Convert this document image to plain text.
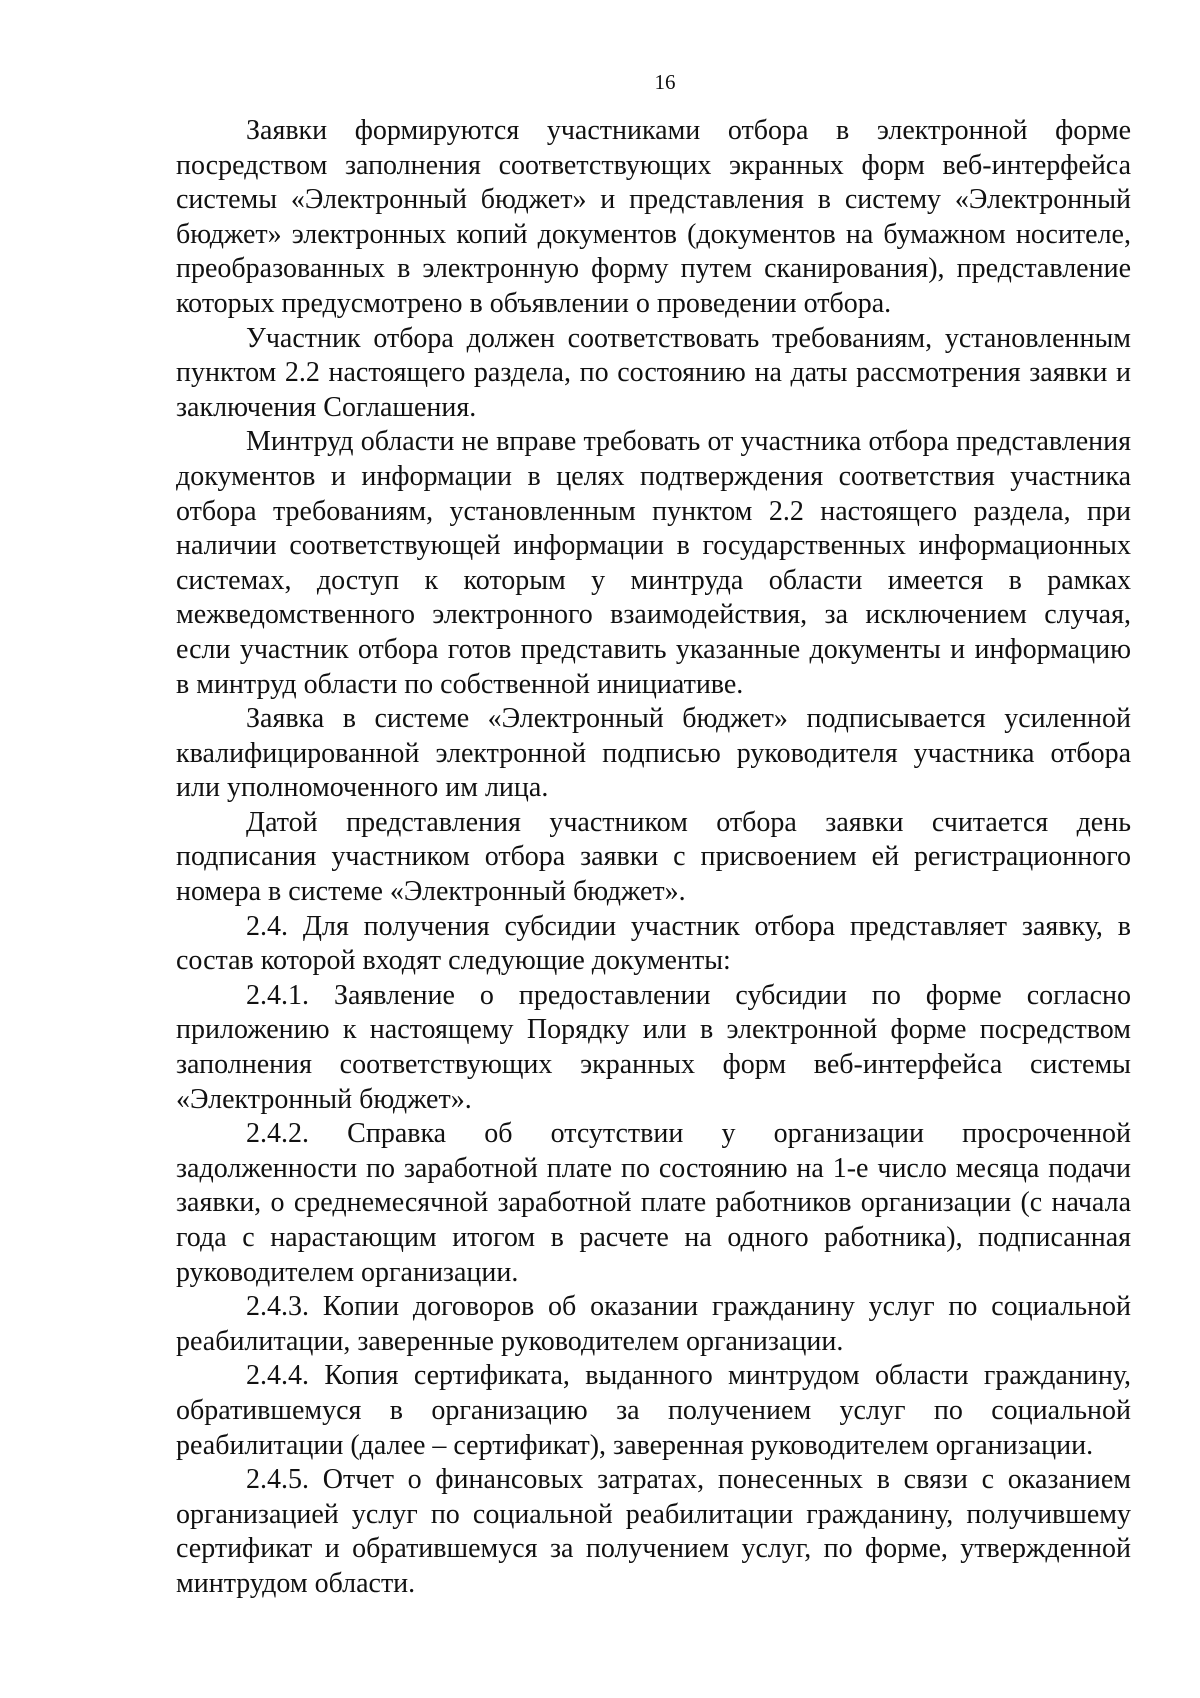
16

Заявки формируются участниками отбора в электронной форме посредством заполнения соответствующих экранных форм веб-интерфейса системы «Электронный бюджет» и представления в систему «Электронный бюджет» электронных копий документов (документов на бумажном носителе, преобразованных в электронную форму путем сканирования), представление которых предусмотрено в объявлении о проведении отбора.

Участник отбора должен соответствовать требованиям, установленным пунктом 2.2 настоящего раздела, по состоянию на даты рассмотрения заявки и заключения Соглашения.

Минтруд области не вправе требовать от участника отбора представления документов и информации в целях подтверждения соответствия участника отбора требованиям, установленным пунктом 2.2 настоящего раздела, при наличии соответствующей информации в государственных информационных системах, доступ к которым у минтруда области имеется в рамках межведомственного электронного взаимодействия, за исключением случая, если участник отбора готов представить указанные документы и информацию в минтруд области по собственной инициативе.

Заявка в системе «Электронный бюджет» подписывается усиленной квалифицированной электронной подписью руководителя участника отбора или уполномоченного им лица.

Датой представления участником отбора заявки считается день подписания участником отбора заявки с присвоением ей регистрационного номера в системе «Электронный бюджет».

2.4. Для получения субсидии участник отбора представляет заявку, в состав которой входят следующие документы:

2.4.1. Заявление о предоставлении субсидии по форме согласно приложению к настоящему Порядку или в электронной форме посредством заполнения соответствующих экранных форм веб-интерфейса системы «Электронный бюджет».

2.4.2. Справка об отсутствии у организации просроченной задолженности по заработной плате по состоянию на 1-е число месяца подачи заявки, о среднемесячной заработной плате работников организации (с начала года с нарастающим итогом в расчете на одного работника), подписанная руководителем организации.

2.4.3. Копии договоров об оказании гражданину услуг по социальной реабилитации, заверенные руководителем организации.

2.4.4. Копия сертификата, выданного минтрудом области гражданину, обратившемуся в организацию за получением услуг по социальной реабилитации (далее – сертификат), заверенная руководителем организации.

2.4.5. Отчет о финансовых затратах, понесенных в связи с оказанием организацией услуг по социальной реабилитации гражданину, получившему сертификат и обратившемуся за получением услуг, по форме, утвержденной минтрудом области.
